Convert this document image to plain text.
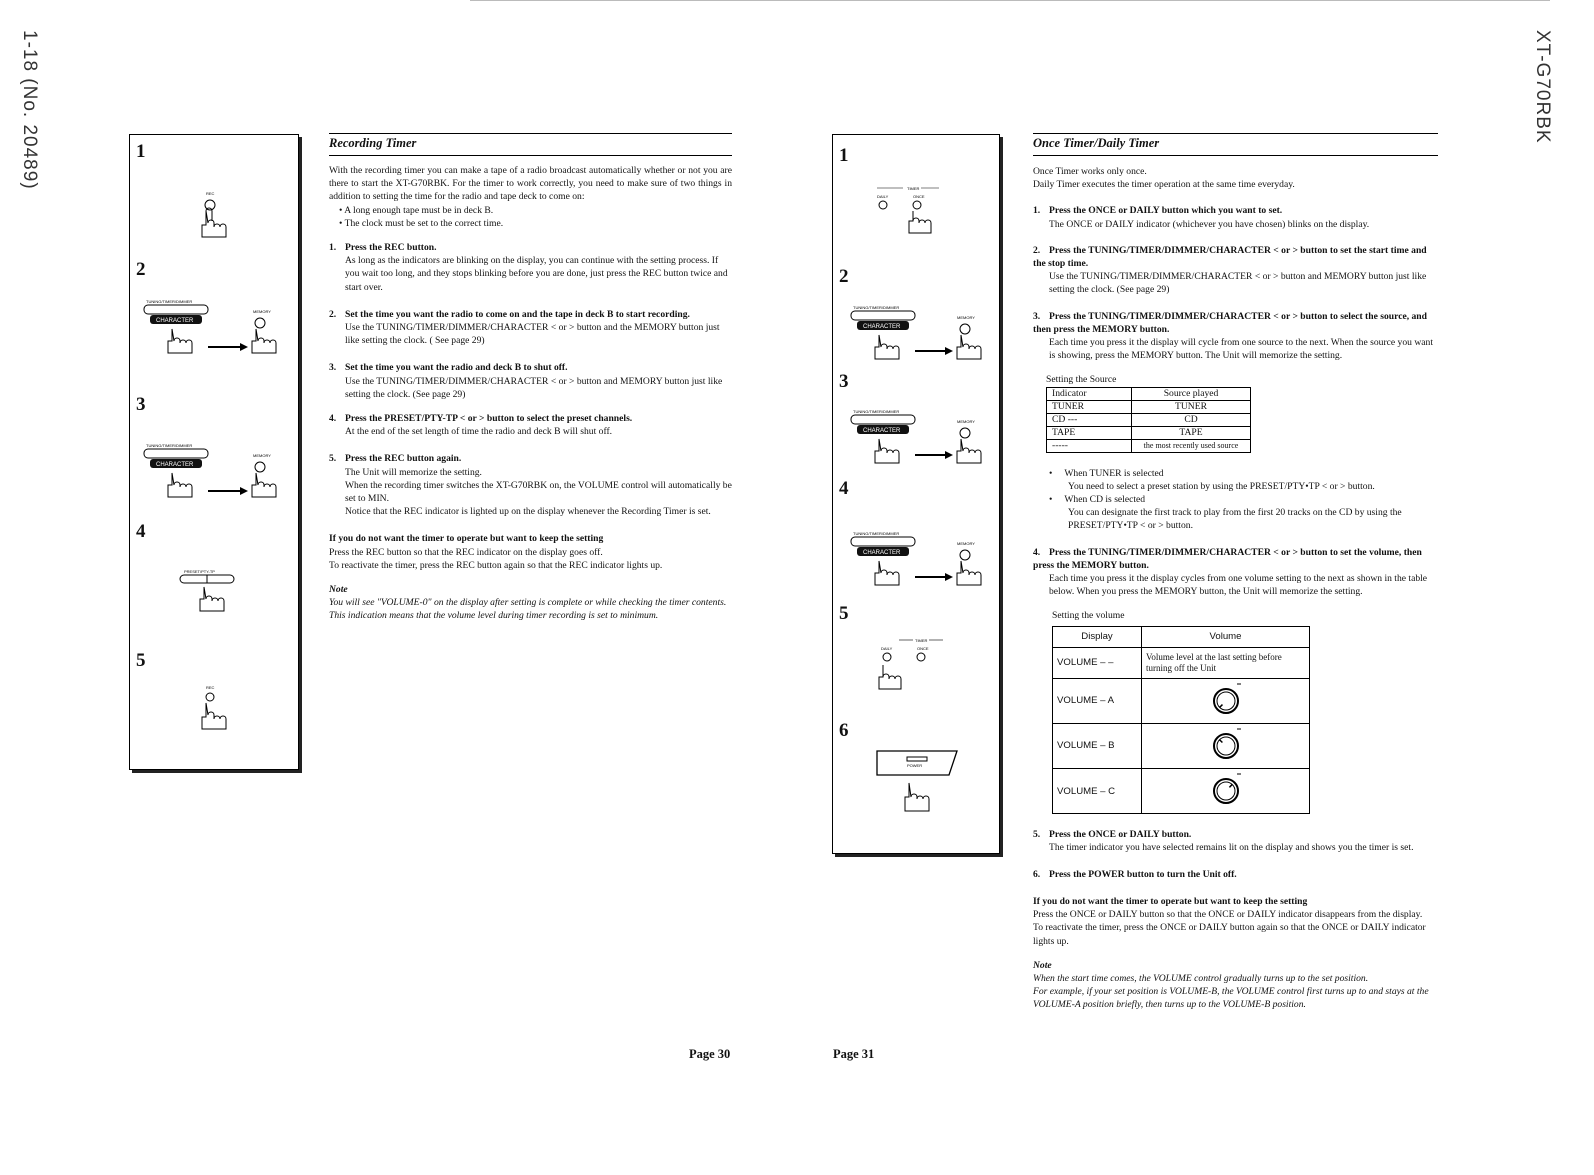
1-18 (No. 20489)	XT-G70RBK
1
2
3
4
5
REC
TUNING/TIMER/DIMMER
CHARACTER
MEMORY
TUNING/TIMER/DIMMER
CHARACTER
MEMORY
PRESET/PTY-TP
REC
Recording Timer

With the recording timer you can make a tape of a radio broadcast automatically whether or not you are there to start the XT-G70RBK. For the timer to work correctly, you need to make sure of two things in addition to setting the time for the radio and tape deck to come on:

• A long enough tape must be in deck B.
• The clock must be set to the correct time.
1. Press the REC button.
As long as the indicators are blinking on the display, you can continue with the setting process. If you wait too long, and they stops blinking before you are done, just press the REC button twice and start over.
2. Set the time you want the radio to come on and the tape in deck B to start recording.
Use the TUNING/TIMER/DIMMER/CHARACTER < or > button and the MEMORY button just like setting the clock. ( See page 29)
3. Set the time you want the radio and deck B to shut off.
Use the TUNING/TIMER/DIMMER/CHARACTER < or > button and MEMORY button just like setting the clock. (See page 29)
4. Press the PRESET/PTY-TP < or > button to select the preset channels.
At the end of the set length of time the radio and deck B will shut off.
5. Press the REC button again.
The Unit will memorize the setting.
When the recording timer switches the XT-G70RBK on, the VOLUME control will automatically be set to MIN.
Notice that the REC indicator is lighted up on the display whenever the Recording Timer is set.
If you do not want the timer to operate but want to keep the setting
Press the REC button so that the REC indicator on the display goes off.
To reactivate the timer, press the REC button again so that the REC indicator lights up.
Note
You will see "VOLUME-0" on the display after setting is complete or while checking the timer contents. This indication means that the volume level during timer recording is set to minimum.
Page 30
1
2
3
4
5
6
TIMER
DAILY	ONCE
TUNING/TIMER/DIMMER
CHARACTER
MEMORY
TUNING/TIMER/DIMMER
CHARACTER
MEMORY
TUNING/TIMER/DIMMER
CHARACTER
MEMORY
TIMER
DAILY	ONCE
POWER
Once Timer/Daily Timer
Once Timer works only once.
Daily Timer executes the timer operation at the same time everyday.
1. Press the ONCE or DAILY button which you want to set.
The ONCE or DAILY indicator (whichever you have chosen) blinks on the display.
2. Press the TUNING/TIMER/DIMMER/CHARACTER < or > button to set the start time and the stop time.
Use the TUNING/TIMER/DIMMER/CHARACTER < or > button and MEMORY button just like setting the clock. (See page 29)
3. Press the TUNING/TIMER/DIMMER/CHARACTER < or > button to select the source, and then press the MEMORY button.
Each time you press it the display will cycle from one source to the next. When the source you want is showing, press the MEMORY button. The Unit will memorize the setting.
Setting the Source
Indicator	Source played
TUNER	TUNER
CD ---	CD
TAPE	TAPE
-----	the most recently used source
•     When TUNER is selected
You need to select a preset station by using the PRESET/PTY•TP < or > button.
•     When CD is selected
You can designate the first track to play from the first 20 tracks on the CD by using the PRESET/PTY•TP < or > button.
4. Press the TUNING/TIMER/DIMMER/CHARACTER < or > button to set the volume, then press the MEMORY button.
Each time you press it the display cycles from one volume setting to the next as shown in the table below. When you press the MEMORY button, the Unit will memorize the setting.
Setting the volume
Display	Volume
VOLUME – –	Volume level at the last setting before turning off the Unit
VOLUME – A	
VOLUME – B	
VOLUME – C	
5. Press the ONCE or DAILY button.
The timer indicator you have selected remains lit on the display and shows you the timer is set.
6. Press the POWER button to turn the Unit off.
If you do not want the timer to operate but want to keep the setting
Press the ONCE or DAILY button so that the ONCE or DAILY indicator disappears from the display.
To reactivate the timer, press the ONCE or DAILY button again so that the ONCE or DAILY indicator lights up.
Note
When the start time comes, the VOLUME control gradually turns up to the set position.
For example, if your set position is VOLUME-B, the VOLUME control first turns up to and stays at the VOLUME-A position briefly, then turns up to the VOLUME-B position.
Page 31
